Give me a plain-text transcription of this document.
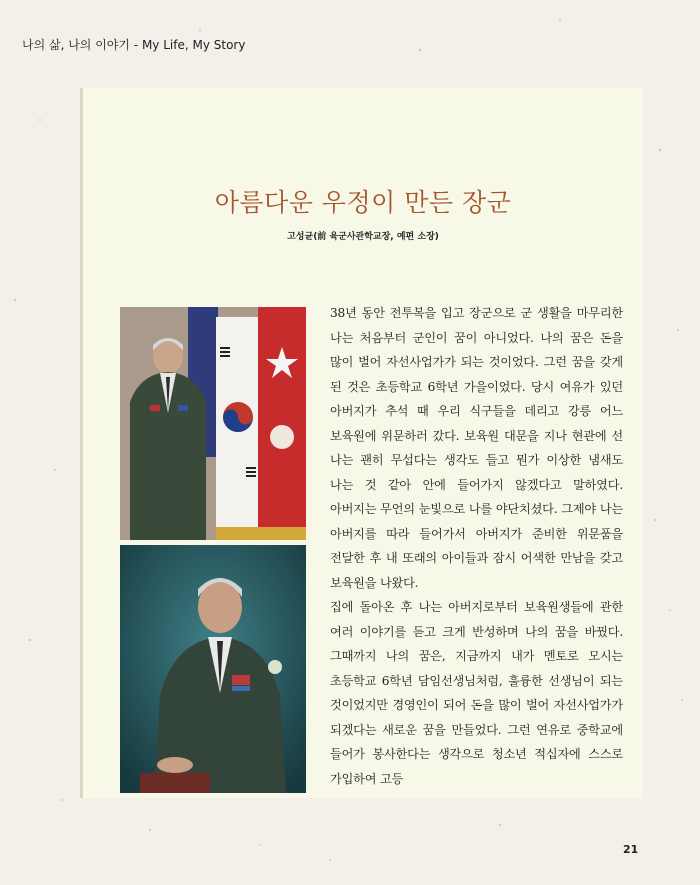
나의 삶, 나의 이야기 - My Life, My Story
아름다운 우정이 만든 장군
고성균(前 육군사관학교장, 예편 소장)

38년 동안 전투복을 입고 장군으로 군 생활을 마무리한 나는 처음부터 군인이 꿈이 아니었다. 나의 꿈은 돈을 많이 벌어 자선사업가가 되는 것이었다. 그런 꿈을 갖게 된 것은 초등학교 6학년 가을이었다. 당시 여유가 있던 아버지가 추석 때 우리 식구들을 데리고 강릉 어느 보육원에 위문하러 갔다. 보육원 대문을 지나 현관에 선 나는 괜히 무섭다는 생각도 들고 뭔가 이상한 냄새도 나는 것 같아 안에 들어가지 않겠다고 말하였다. 아버지는 무언의 눈빛으로 나를 야단치셨다. 그제야 나는 아버지를 따라 들어가서 아버지가 준비한 위문품을 전달한 후 내 또래의 아이들과 잠시 어색한 만남을 갖고 보육원을 나왔다.

집에 돌아온 후 나는 아버지로부터 보육원생들에 관한 여러 이야기를 듣고 크게 반성하며 나의 꿈을 바꿨다. 그때까지 나의 꿈은, 지금까지 내가 멘토로 모시는 초등학교 6학년 담임선생님처럼, 훌륭한 선생님이 되는 것이었지만 경영인이 되어 돈을 많이 벌어 자선사업가가 되겠다는 새로운 꿈을 만들었다. 그런 연유로 중학교에 들어가 봉사한다는 생각으로 청소년 적십자에 스스로 가입하여 고등

21
